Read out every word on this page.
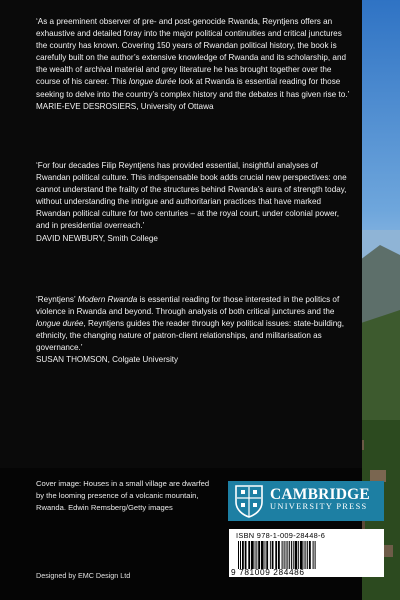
‘As a preeminent observer of pre- and post-genocide Rwanda, Reyntjens offers an exhaustive and detailed foray into the major political continuities and critical junctures the country has known. Covering 150 years of Rwandan political history, the book is carefully built on the author’s extensive knowledge of Rwanda and its scholarship, and the wealth of archival material and grey literature he has brought together over the course of his career. This longue durée look at Rwanda is essential reading for those seeking to delve into the country’s complex history and the debates it has given rise to.’

MARIE-EVE DESROSIERS, University of Ottawa

‘For four decades Filip Reyntjens has provided essential, insightful analyses of Rwandan political culture. This indispensable book adds crucial new perspectives: one cannot understand the frailty of the structures behind Rwanda’s aura of strength today, without understanding the intrigue and authoritarian practices that have marked Rwandan political culture for two centuries – at the royal court, under colonial power, and in presidential overreach.’

DAVID NEWBURY, Smith College

‘Reyntjens’ Modern Rwanda is essential reading for those interested in the politics of violence in Rwanda and beyond. Through analysis of both critical junctures and the longue durée, Reyntjens guides the reader through key political issues: state-building, ethnicity, the changing nature of patron-client relationships, and militarisation as governance.’

SUSAN THOMSON, Colgate University

Cover image: Houses in a small village are dwarfed by the looming presence of a volcanic mountain, Rwanda. Edwin Remsberg/Getty images
Designed by EMC Design Ltd
CAMBRIDGE
UNIVERSITY PRESS
ISBN 978-1-009-28448-6
9 781009 284486
